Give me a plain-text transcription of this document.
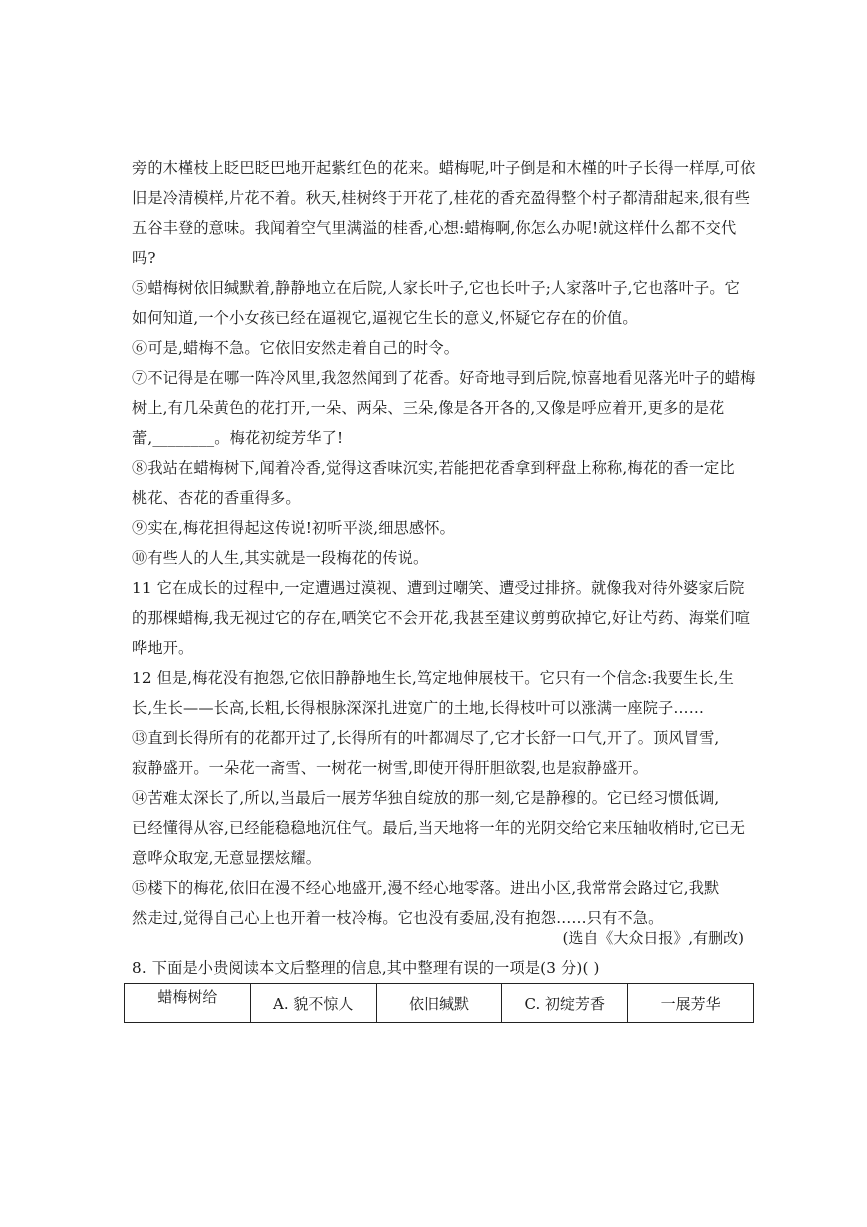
旁的木槿枝上眨巴眨巴地开起紫红色的花来。蜡梅呢,叶子倒是和木槿的叶子长得一样厚,可依
旧是冷清模样,片花不着。秋天,桂树终于开花了,桂花的香充盈得整个村子都清甜起来,很有些
五谷丰登的意味。我闻着空气里满溢的桂香,心想:蜡梅啊,你怎么办呢!就这样什么都不交代
吗?
⑤蜡梅树依旧缄默着,静静地立在后院,人家长叶子,它也长叶子;人家落叶子,它也落叶子。它
如何知道,一个小女孩已经在逼视它,逼视它生长的意义,怀疑它存在的价值。
⑥可是,蜡梅不急。它依旧安然走着自己的时令。
⑦不记得是在哪一阵冷风里,我忽然闻到了花香。好奇地寻到后院,惊喜地看见落光叶子的蜡梅
树上,有几朵黄色的花打开,一朵、两朵、三朵,像是各开各的,又像是呼应着开,更多的是花
蕾,________。梅花初绽芳华了!
⑧我站在蜡梅树下,闻着冷香,觉得这香味沉实,若能把花香拿到秤盘上称称,梅花的香一定比
桃花、杏花的香重得多。
⑨实在,梅花担得起这传说!初听平淡,细思感怀。
⑩有些人的人生,其实就是一段梅花的传说。
11 它在成长的过程中,一定遭遇过漠视、遭到过嘲笑、遭受过排挤。就像我对待外婆家后院
的那棵蜡梅,我无视过它的存在,哂笑它不会开花,我甚至建议剪剪砍掉它,好让芍药、海棠们喧
哗地开。
12 但是,梅花没有抱怨,它依旧静静地生长,笃定地伸展枝干。它只有一个信念:我要生长,生
长,生长——长高,长粗,长得根脉深深扎进宽广的土地,长得枝叶可以涨满一座院子……
⑬直到长得所有的花都开过了,长得所有的叶都凋尽了,它才长舒一口气,开了。顶风冒雪,
寂静盛开。一朵花一斋雪、一树花一树雪,即使开得肝胆欲裂,也是寂静盛开。
⑭苦难太深长了,所以,当最后一展芳华独自绽放的那一刻,它是静穆的。它已经习惯低调,
已经懂得从容,已经能稳稳地沉住气。最后,当天地将一年的光阴交给它来压轴收梢时,它已无
意哗众取宠,无意显摆炫耀。
⑮楼下的梅花,依旧在漫不经心地盛开,漫不经心地零落。进出小区,我常常会路过它,我默
然走过,觉得自己心上也开着一枝冷梅。它也没有委屈,没有抱怨……只有不急。
(选自《大众日报》,有删改)
8. 下面是小贵阅读本文后整理的信息,其中整理有误的一项是(3 分)( )
蜡梅树给	A. 貌不惊人	依旧缄默	C. 初绽芳香	一展芳华
